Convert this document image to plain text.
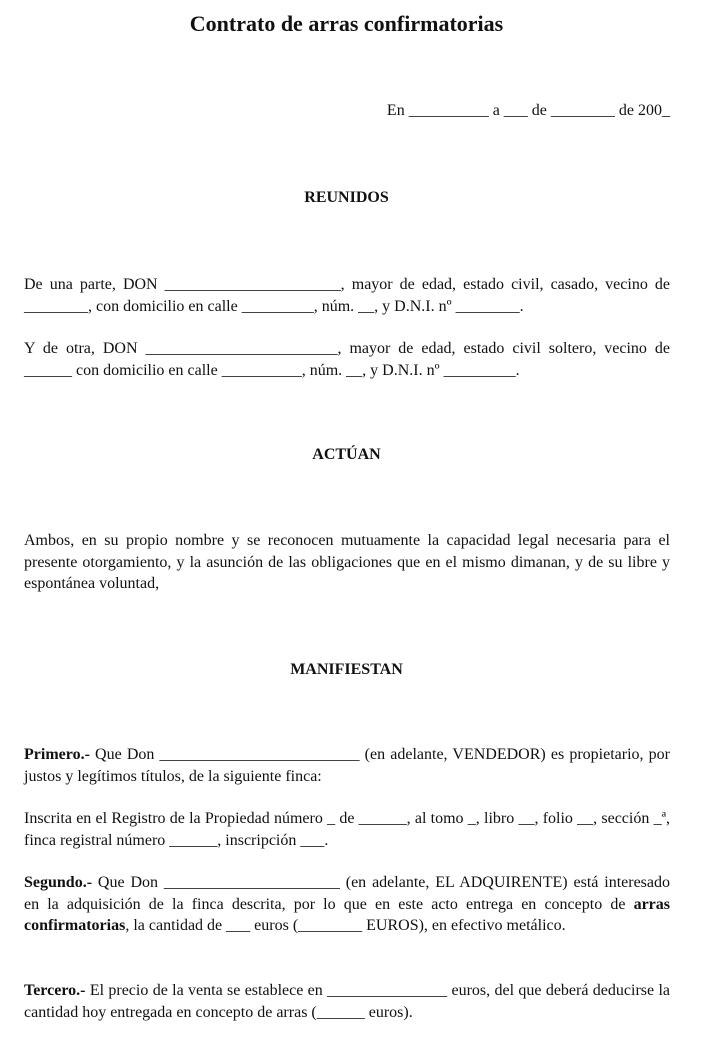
Contrato de arras confirmatorias
En __________ a ___ de ________ de 200_
REUNIDOS

De una parte, DON ______________________, mayor de edad, estado civil, casado, vecino de ________, con domicilio en calle _________, núm. __, y D.N.I. nº ________.

Y de otra, DON ________________________, mayor de edad, estado civil soltero, vecino de ______ con domicilio en calle __________, núm. __, y D.N.I. nº _________.

ACTÚAN

Ambos, en su propio nombre y se reconocen mutuamente la capacidad legal necesaria para el presente otorgamiento, y la asunción de las obligaciones que en el mismo dimanan, y de su libre y espontánea voluntad,

MANIFIESTAN

Primero.- Que Don _________________________ (en adelante, VENDEDOR) es propietario, por justos y legítimos títulos, de la siguiente finca:

Inscrita en el Registro de la Propiedad número _ de ______, al tomo _, libro __, folio __, sección _ª, finca registral número ______, inscripción ___.

Segundo.- Que Don ______________________ (en adelante, EL ADQUIRENTE) está interesado en la adquisición de la finca descrita, por lo que en este acto entrega en concepto de arras confirmatorias, la cantidad de ___ euros (________ EUROS), en efectivo metálico.

Tercero.- El precio de la venta se establece en _______________ euros, del que deberá deducirse la cantidad hoy entregada en concepto de arras (______ euros).
